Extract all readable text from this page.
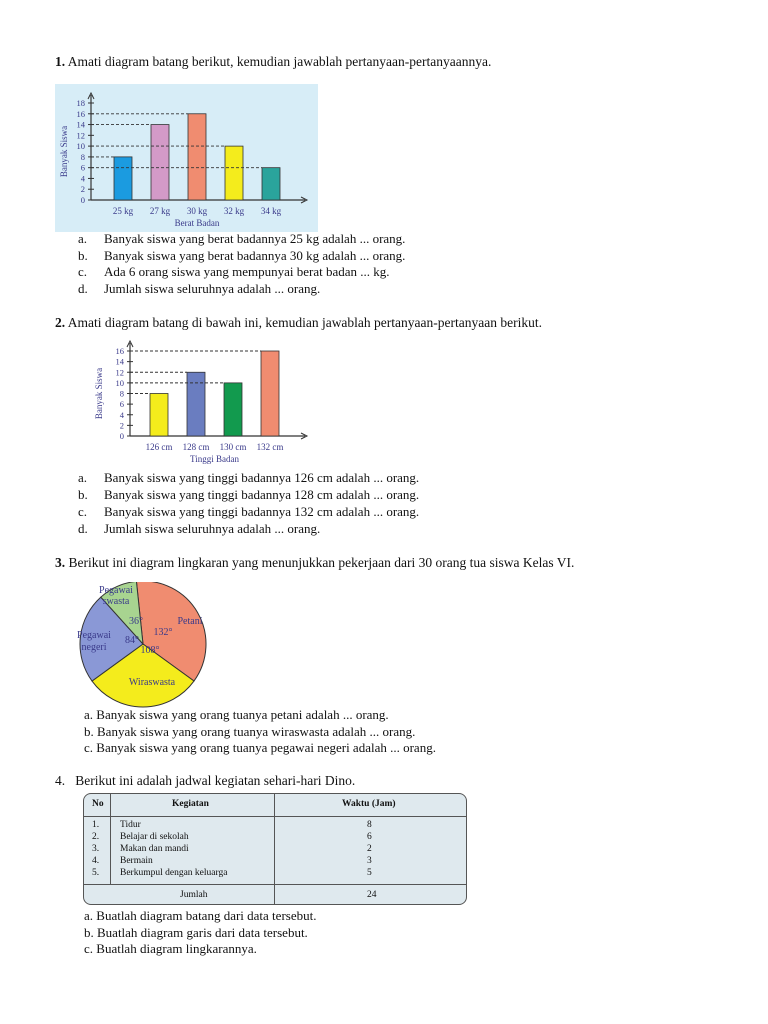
1. Amati diagram batang berikut, kemudian jawablah pertanyaan-pertanyaannya.
0
2
4
6
8
10
12
14
16
18
25 kg 27 kg 30 kg 32 kg 34 kg
Berat Badan
Banyak Siswa
a. Banyak siswa yang berat badannya 25 kg adalah ... orang.
b. Banyak siswa yang berat badannya 30 kg adalah ... orang.
c. Ada 6 orang siswa yang mempunyai berat badan ... kg.
d. Jumlah siswa seluruhnya adalah ... orang.
2. Amati diagram batang di bawah ini, kemudian jawablah pertanyaan-pertanyaan berikut.
0
2
4
6
8
10
12
14
16
126 cm 128 cm 130 cm 132 cm
Tinggi Badan
Banyak Siswa
a. Banyak siswa yang tinggi badannya 126 cm adalah ... orang.
b. Banyak siswa yang tinggi badannya 128 cm adalah ... orang.
c. Banyak siswa yang tinggi badannya 132 cm adalah ... orang.
d. Jumlah siswa seluruhnya adalah ... orang.
3. Berikut ini diagram lingkaran yang menunjukkan pekerjaan dari 30 orang tua siswa Kelas VI.
Petani
Wiraswasta
Pegawai
negeri
Pegawai
swasta
132°
108°
84°
36°
a. Banyak siswa yang orang tuanya petani adalah ... orang.
b. Banyak siswa yang orang tuanya wiraswasta adalah ... orang.
c. Banyak siswa yang orang tuanya pegawai negeri adalah ... orang.
4. Berikut ini adalah jadwal kegiatan sehari-hari Dino.
No	Kegiatan	Waktu (Jam)
1. Tidur	8
2. Belajar di sekolah	6
3. Makan dan mandi	2
4. Bermain	3
5. Berkumpul dengan keluarga	5
Jumlah	24
a. Buatlah diagram batang dari data tersebut.
b. Buatlah diagram garis dari data tersebut.
c. Buatlah diagram lingkarannya.
